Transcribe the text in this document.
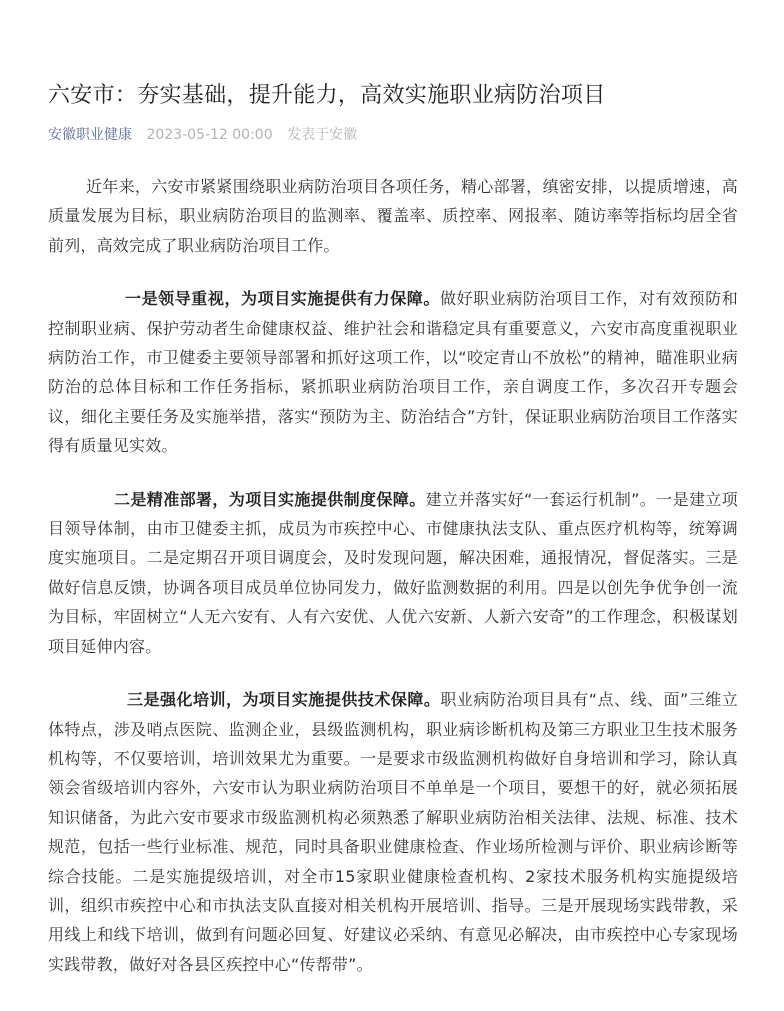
六安市：夯实基础，提升能力，高效实施职业病防治项目
安徽职业健康 2023-05-12 00:00 发表于安徽

近年来，六安市紧紧围绕职业病防治项目各项任务，精心部署，缜密安排，以提质增速，高质量发展为目标，职业病防治项目的监测率、覆盖率、质控率、网报率、随访率等指标均居全省前列，高效完成了职业病防治项目工作。

一是领导重视，为项目实施提供有力保障。做好职业病防治项目工作，对有效预防和控制职业病、保护劳动者生命健康权益、维护社会和谐稳定具有重要意义，六安市高度重视职业病防治工作，市卫健委主要领导部署和抓好这项工作，以“咬定青山不放松”的精神，瞄准职业病防治的总体目标和工作任务指标，紧抓职业病防治项目工作，亲自调度工作，多次召开专题会议，细化主要任务及实施举措，落实“预防为主、防治结合”方针，保证职业病防治项目工作落实得有质量见实效。

二是精准部署，为项目实施提供制度保障。建立并落实好“一套运行机制”。一是建立项目领导体制，由市卫健委主抓，成员为市疾控中心、市健康执法支队、重点医疗机构等，统筹调度实施项目。二是定期召开项目调度会，及时发现问题，解决困难，通报情况，督促落实。三是做好信息反馈，协调各项目成员单位协同发力，做好监测数据的利用。四是以创先争优争创一流为目标，牢固树立“人无六安有、人有六安优、人优六安新、人新六安奇”的工作理念，积极谋划项目延伸内容。

三是强化培训，为项目实施提供技术保障。职业病防治项目具有“点、线、面”三维立体特点，涉及哨点医院、监测企业，县级监测机构，职业病诊断机构及第三方职业卫生技术服务机构等，不仅要培训，培训效果尤为重要。一是要求市级监测机构做好自身培训和学习，除认真领会省级培训内容外，六安市认为职业病防治项目不单单是一个项目，要想干的好，就必须拓展知识储备，为此六安市要求市级监测机构必须熟悉了解职业病防治相关法律、法规、标准、技术规范，包括一些行业标准、规范，同时具备职业健康检查、作业场所检测与评价、职业病诊断等综合技能。二是实施提级培训，对全市15家职业健康检查机构、2家技术服务机构实施提级培训，组织市疾控中心和市执法支队直接对相关机构开展培训、指导。三是开展现场实践带教，采用线上和线下培训，做到有问题必回复、好建议必采纳、有意见必解决，由市疾控中心专家现场实践带教，做好对各县区疾控中心“传帮带”。
